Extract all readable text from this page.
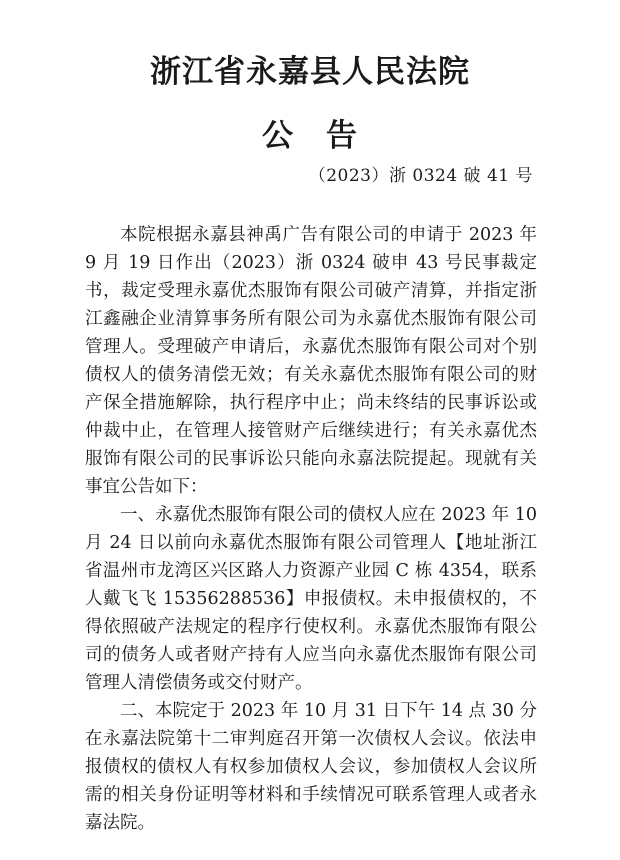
浙江省永嘉县人民法院
公　告
（2023）浙 0324 破 41 号

本院根据永嘉县神禹广告有限公司的申请于 2023 年 9 月 19 日作出（2023）浙 0324 破申 43 号民事裁定书，裁定受理永嘉优杰服饰有限公司破产清算，并指定浙江鑫融企业清算事务所有限公司为永嘉优杰服饰有限公司管理人。受理破产申请后，永嘉优杰服饰有限公司对个别债权人的债务清偿无效；有关永嘉优杰服饰有限公司的财产保全措施解除，执行程序中止；尚未终结的民事诉讼或仲裁中止，在管理人接管财产后继续进行；有关永嘉优杰服饰有限公司的民事诉讼只能向永嘉法院提起。现就有关事宜公告如下：

一、永嘉优杰服饰有限公司的债权人应在 2023 年 10 月 24 日以前向永嘉优杰服饰有限公司管理人【地址浙江省温州市龙湾区兴区路人力资源产业园 C 栋 4354，联系人戴飞飞 15356288536】申报债权。未申报债权的，不得依照破产法规定的程序行使权利。永嘉优杰服饰有限公司的债务人或者财产持有人应当向永嘉优杰服饰有限公司管理人清偿债务或交付财产。

二、本院定于 2023 年 10 月 31 日下午 14 点 30 分在永嘉法院第十二审判庭召开第一次债权人会议。依法申报债权的债权人有权参加债权人会议，参加债权人会议所需的相关身份证明等材料和手续情况可联系管理人或者永嘉法院。
